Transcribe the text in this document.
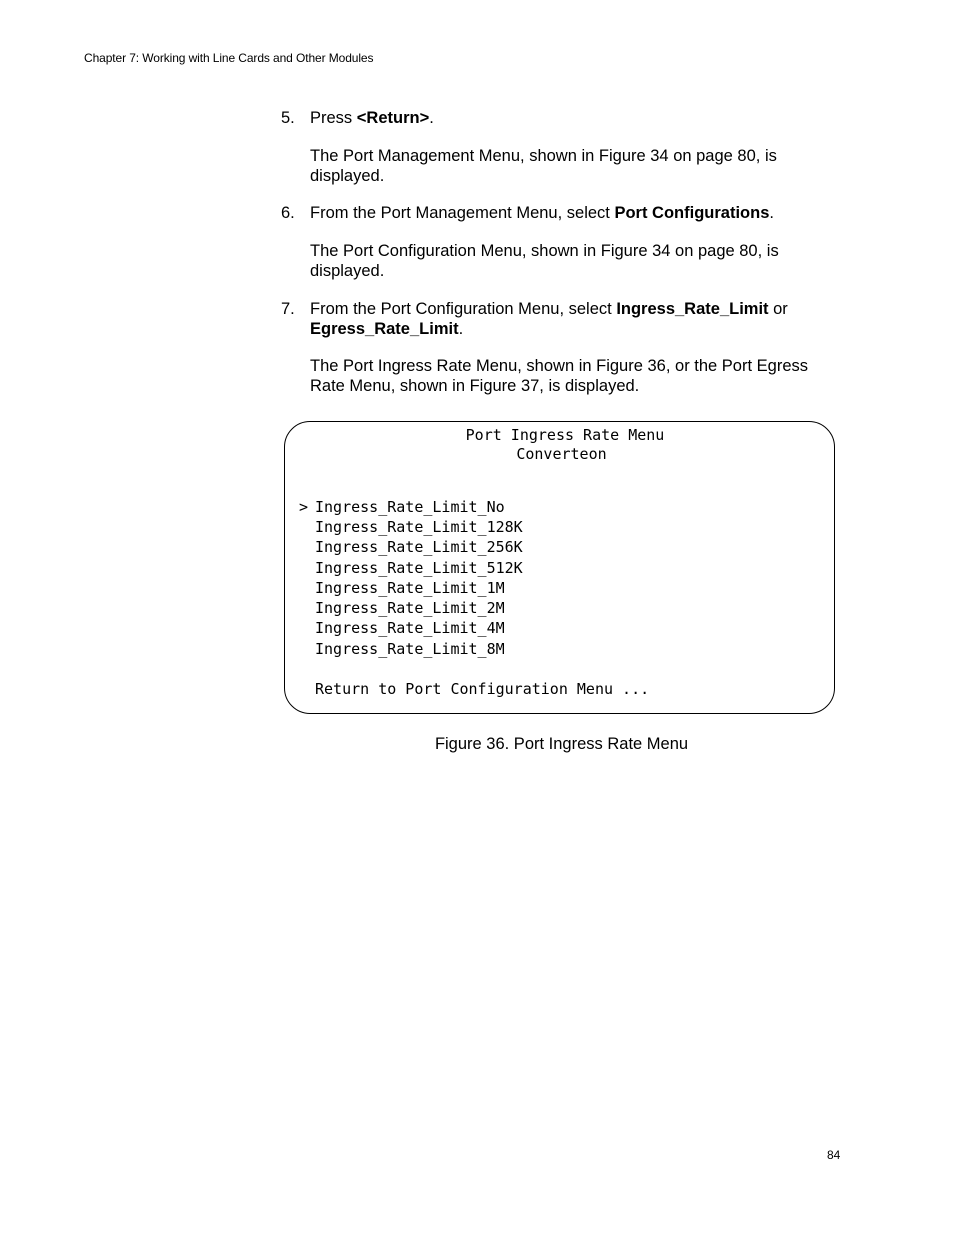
Chapter 7: Working with Line Cards and Other Modules
5. Press <Return>.
The Port Management Menu, shown in Figure 34 on page 80, is displayed.
6. From the Port Management Menu, select Port Configurations.
The Port Configuration Menu, shown in Figure 34 on page 80, is displayed.
7. From the Port Configuration Menu, select Ingress_Rate_Limit or
Egress_Rate_Limit.
The Port Ingress Rate Menu, shown in Figure 36, or the Port Egress Rate Menu, shown in Figure 37, is displayed.
Port Ingress Rate Menu
Converteon
> Ingress_Rate_Limit_No
Ingress_Rate_Limit_128K
Ingress_Rate_Limit_256K
Ingress_Rate_Limit_512K
Ingress_Rate_Limit_1M
Ingress_Rate_Limit_2M
Ingress_Rate_Limit_4M
Ingress_Rate_Limit_8M
Return to Port Configuration Menu ...
Figure 36. Port Ingress Rate Menu
84
